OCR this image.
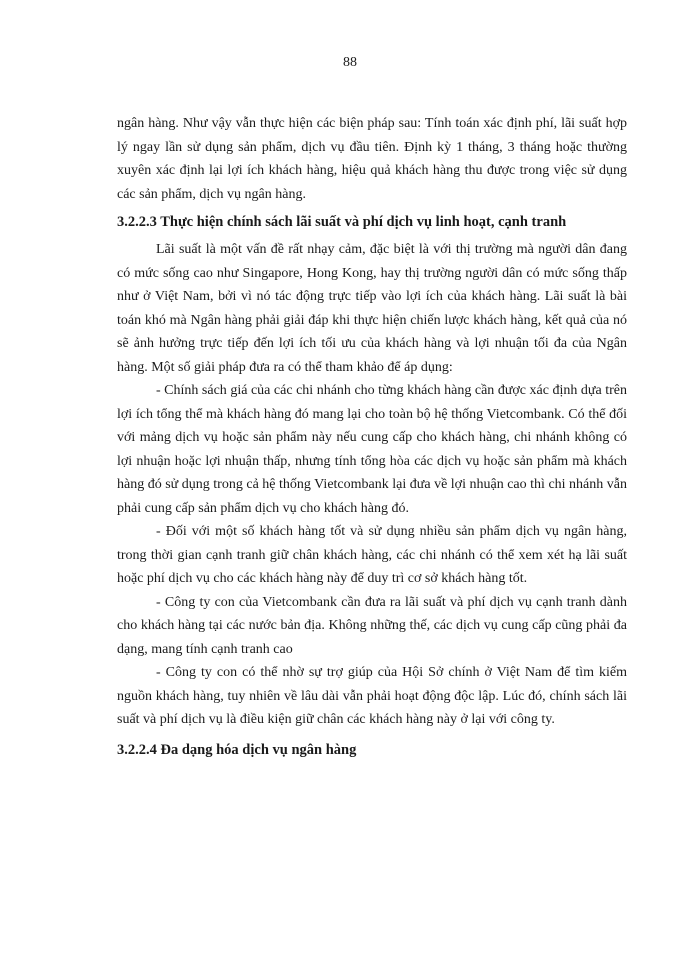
88

ngân hàng. Như vậy vẫn thực hiện các biện pháp sau: Tính toán xác định phí, lãi suất hợp lý ngay lần sử dụng sản phẩm, dịch vụ đầu tiên. Định kỳ 1 tháng, 3 tháng hoặc thường xuyên xác định lại lợi ích khách hàng, hiệu quả khách hàng thu được trong việc sử dụng các sản phẩm, dịch vụ ngân hàng.

3.2.2.3 Thực hiện chính sách lãi suất và phí dịch vụ linh hoạt, cạnh tranh

Lãi suất là một vấn đề rất nhạy cảm, đặc biệt là với thị trường mà người dân đang có mức sống cao như Singapore, Hong Kong, hay thị trường người dân có mức sống thấp như ở Việt Nam, bởi vì nó tác động trực tiếp vào lợi ích của khách hàng. Lãi suất là bài toán khó mà Ngân hàng phải giải đáp khi thực hiện chiến lược khách hàng, kết quả của nó sẽ ảnh hưởng trực tiếp đến lợi ích tối ưu của khách hàng và lợi nhuận tối đa của Ngân hàng. Một số giải pháp đưa ra có thể tham khảo để áp dụng:

- Chính sách giá của các chi nhánh cho từng khách hàng cần được xác định dựa trên lợi ích tổng thể mà khách hàng đó mang lại cho toàn bộ hệ thống Vietcombank. Có thể đối với mảng dịch vụ hoặc sản phẩm này nếu cung cấp cho khách hàng, chi nhánh không có lợi nhuận hoặc lợi nhuận thấp, nhưng tính tổng hòa các dịch vụ hoặc sản phẩm mà khách hàng đó sử dụng trong cả hệ thống Vietcombank lại đưa về lợi nhuận cao thì chi nhánh vẫn phải cung cấp sản phẩm dịch vụ cho khách hàng đó.

- Đối với một số khách hàng tốt và sử dụng nhiều sản phẩm dịch vụ ngân hàng, trong thời gian cạnh tranh giữ chân khách hàng, các chi nhánh có thể xem xét hạ lãi suất hoặc phí dịch vụ cho các khách hàng này để duy trì cơ sở khách hàng tốt.

- Công ty con của Vietcombank cần đưa ra lãi suất và phí dịch vụ cạnh tranh dành cho khách hàng tại các nước bản địa. Không những thế, các dịch vụ cung cấp cũng phải đa dạng, mang tính cạnh tranh cao

- Công ty con có thể nhờ sự trợ giúp của Hội Sở chính ở Việt Nam để tìm kiếm nguồn khách hàng, tuy nhiên về lâu dài vẫn phải hoạt động độc lập. Lúc đó, chính sách lãi suất và phí dịch vụ là điều kiện giữ chân các khách hàng này ở lại với công ty.

3.2.2.4 Đa dạng hóa dịch vụ ngân hàng
